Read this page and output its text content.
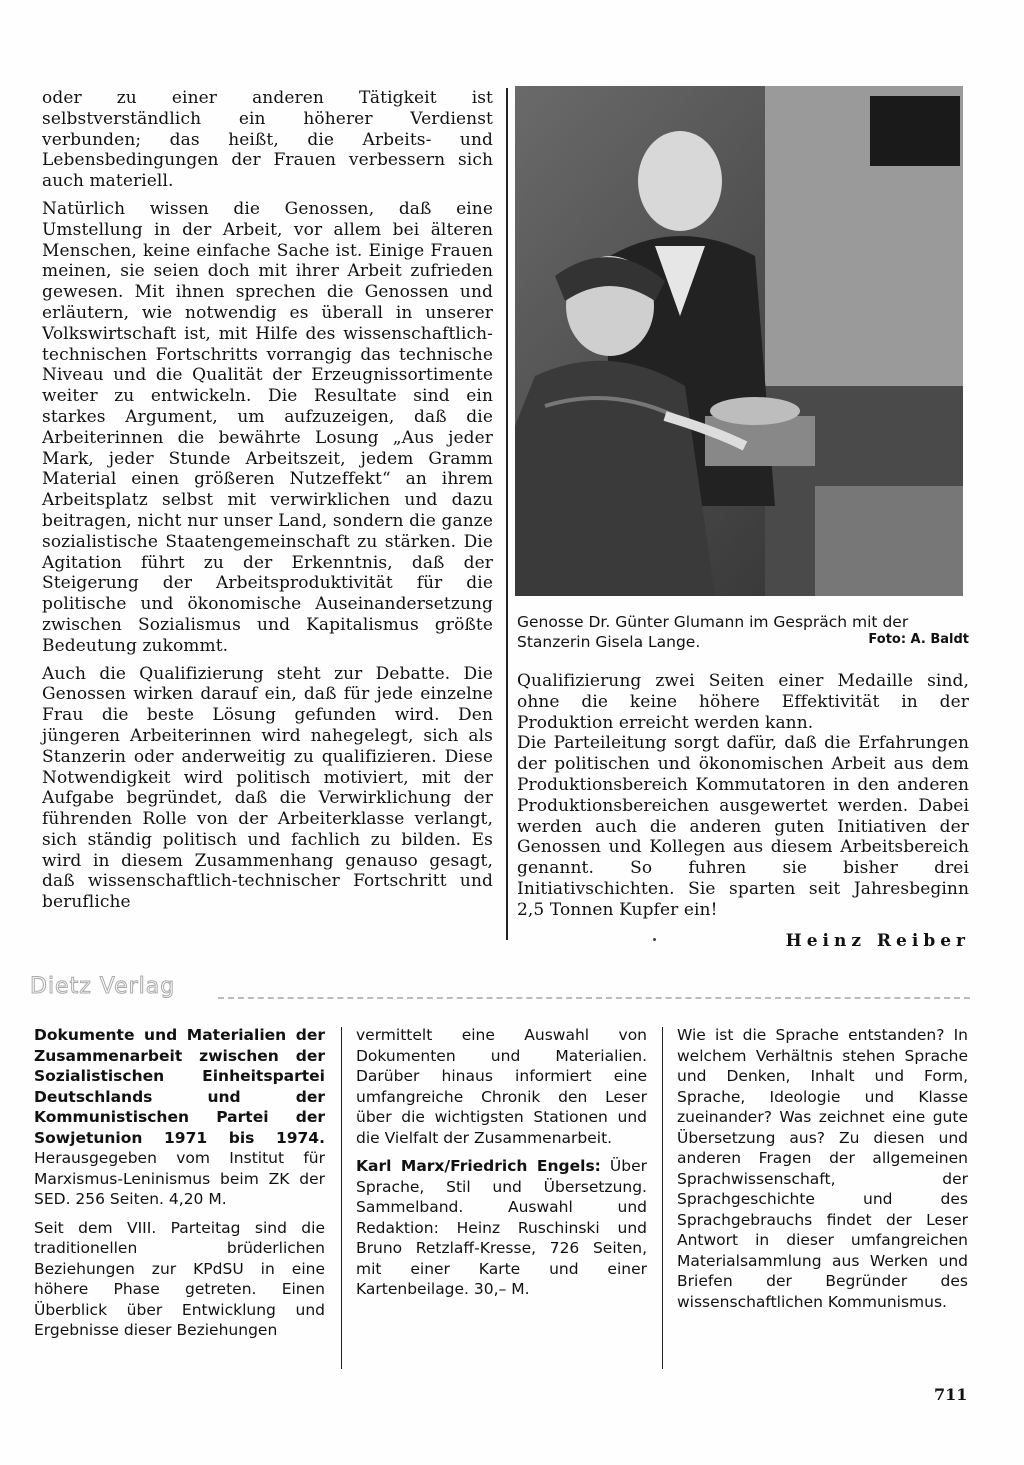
oder zu einer anderen Tätigkeit ist selbstverständlich ein höherer Verdienst verbunden; das heißt, die Arbeits- und Lebensbedingungen der Frauen verbessern sich auch materiell.

Natürlich wissen die Genossen, daß eine Umstellung in der Arbeit, vor allem bei älteren Menschen, keine einfache Sache ist. Einige Frauen meinen, sie seien doch mit ihrer Arbeit zufrieden gewesen. Mit ihnen sprechen die Genossen und erläutern, wie notwendig es überall in unserer Volkswirtschaft ist, mit Hilfe des wissenschaftlich-technischen Fortschritts vorrangig das technische Niveau und die Qualität der Erzeugnissortimente weiter zu entwickeln. Die Resultate sind ein starkes Argument, um aufzuzeigen, daß die Arbeiterinnen die bewährte Losung „Aus jeder Mark, jeder Stunde Arbeitszeit, jedem Gramm Material einen größeren Nutzeffekt“ an ihrem Arbeitsplatz selbst mit verwirklichen und dazu beitragen, nicht nur unser Land, sondern die ganze sozialistische Staatengemeinschaft zu stärken. Die Agitation führt zu der Erkenntnis, daß der Steigerung der Arbeitsproduktivität für die politische und ökonomische Auseinandersetzung zwischen Sozialismus und Kapitalismus größte Bedeutung zukommt.

Auch die Qualifizierung steht zur Debatte. Die Genossen wirken darauf ein, daß für jede einzelne Frau die beste Lösung gefunden wird. Den jüngeren Arbeiterinnen wird nahegelegt, sich als Stanzerin oder anderweitig zu qualifizieren. Diese Notwendigkeit wird politisch motiviert, mit der Aufgabe begründet, daß die Verwirklichung der führenden Rolle von der Arbeiterklasse verlangt, sich ständig politisch und fachlich zu bilden. Es wird in diesem Zusammenhang genauso gesagt, daß wissenschaftlich-technischer Fortschritt und berufliche

Genosse Dr. Günter Glumann im Gespräch mit der Stanzerin Gisela Lange.	Foto: A. Baldt

Qualifizierung zwei Seiten einer Medaille sind, ohne die keine höhere Effektivität in der Produktion erreicht werden kann.

Die Parteileitung sorgt dafür, daß die Erfahrungen der politischen und ökonomischen Arbeit aus dem Produktionsbereich Kommutatoren in den anderen Produktionsbereichen ausgewertet werden. Dabei werden auch die anderen guten Initiativen der Genossen und Kollegen aus diesem Arbeitsbereich genannt. So fuhren sie bisher drei Initiativschichten. Sie sparten seit Jahresbeginn 2,5 Tonnen Kupfer ein!

Heinz Reiber
Dietz Verlag

Dokumente und Materialien der Zusammenarbeit zwischen der Sozialistischen Einheitspartei Deutschlands und der Kommunistischen Partei der Sowjetunion 1971 bis 1974. Herausgegeben vom Institut für Marxismus-Leninismus beim ZK der SED. 256 Seiten. 4,20 M.

Seit dem VIII. Parteitag sind die traditionellen brüderlichen Beziehungen zur KPdSU in eine höhere Phase getreten. Einen Überblick über Entwicklung und Ergebnisse dieser Beziehungen

vermittelt eine Auswahl von Dokumenten und Materialien. Darüber hinaus informiert eine umfangreiche Chronik den Leser über die wichtigsten Stationen und die Vielfalt der Zusammenarbeit.

Karl Marx/Friedrich Engels: Über Sprache, Stil und Übersetzung. Sammelband. Auswahl und Redaktion: Heinz Ruschinski und Bruno Retzlaff-Kresse, 726 Seiten, mit einer Karte und einer Kartenbeilage. 30,– M.

Wie ist die Sprache entstanden? In welchem Verhältnis stehen Sprache und Denken, Inhalt und Form, Sprache, Ideologie und Klasse zueinander? Was zeichnet eine gute Übersetzung aus? Zu diesen und anderen Fragen der allgemeinen Sprachwissenschaft, der Sprachgeschichte und des Sprachgebrauchs findet der Leser Antwort in dieser umfangreichen Materialsammlung aus Werken und Briefen der Begründer des wissenschaftlichen Kommunismus.

711
